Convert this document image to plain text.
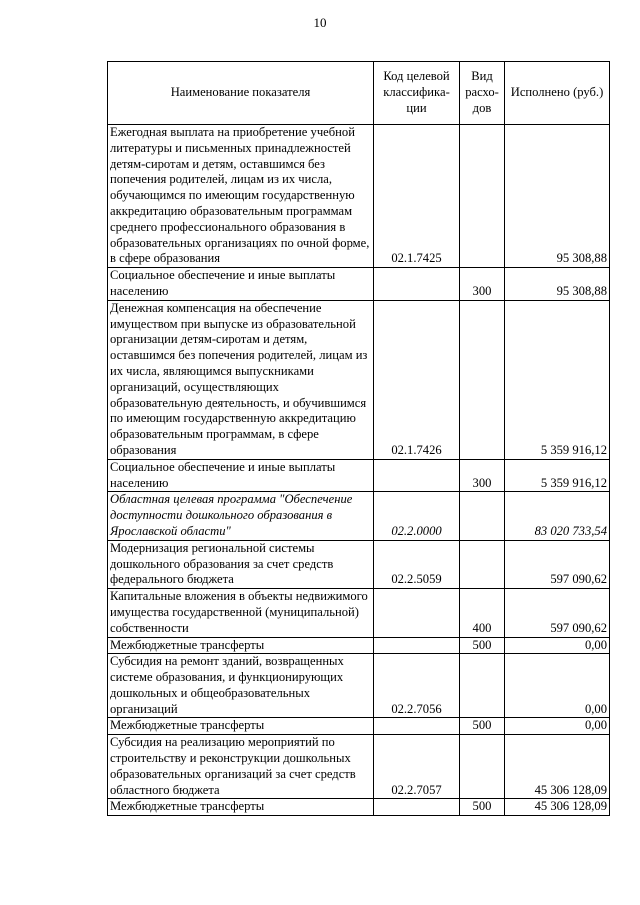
10
Наименование показателя	Код целевой классифика-ции	Вид расхо-дов	Исполнено (руб.)
Ежегодная выплата на приобретение учебной литературы и письменных принадлежностей детям-сиротам и детям, оставшимся без попечения родителей, лицам из их числа, обучающимся по имеющим государственную аккредитацию образовательным программам среднего профессионального образования в образовательных организациях по очной форме, в сфере образования	02.1.7425		95 308,88
Социальное обеспечение и иные выплаты населению		300	95 308,88
Денежная компенсация на обеспечение имуществом при выпуске из образовательной организации детям-сиротам и детям, оставшимся без попечения родителей, лицам из их числа, являющимся выпускниками организаций, осуществляющих образовательную деятельность, и обучившимся по имеющим государственную аккредитацию образовательным программам, в сфере образования	02.1.7426		5 359 916,12
Социальное обеспечение и иные выплаты населению		300	5 359 916,12
Областная целевая программа "Обеспечение доступности дошкольного образования в Ярославской области"	02.2.0000		83 020 733,54
Модернизация региональной системы дошкольного образования за счет средств федерального бюджета	02.2.5059		597 090,62
Капитальные вложения в объекты недвижимого имущества государственной (муниципальной) собственности		400	597 090,62
Межбюджетные трансферты		500	0,00
Субсидия на ремонт зданий, возвращенных системе образования, и функционирующих дошкольных и общеобразовательных организаций	02.2.7056		0,00
Межбюджетные трансферты		500	0,00
Субсидия на реализацию мероприятий по строительству и реконструкции дошкольных образовательных организаций за счет средств областного бюджета	02.2.7057		45 306 128,09
Межбюджетные трансферты		500	45 306 128,09
